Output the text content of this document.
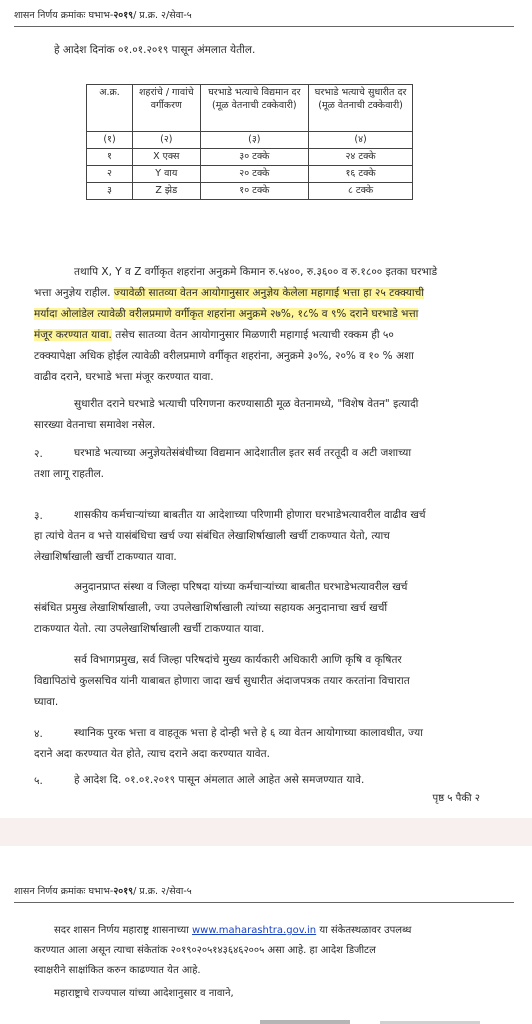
शासन निर्णय क्रमांकः घभाभ-२०१९/ प्र.क्र. २/सेवा-५
हे आदेश दिनांक ०१.०१.२०१९ पासून अंमलात येतील.
अ.क्र.	शहरांचे / गावांचे वर्गीकरण	घरभाडे भत्याचे विद्यमान दर (मूळ वेतनाची टक्केवारी)	घरभाडे भत्याचे सुधारीत दर (मूळ वेतनाची टक्केवारी)
(१)	(२)	(३)	(४)
१	X एक्स	३० टक्के	२४ टक्के
२	Y वाय	२० टक्के	१६ टक्के
३	Z झेड	१० टक्के	८ टक्के
तथापि X, Y व Z वर्गीकृत शहरांना अनुक्रमे किमान रु.५४००, रु.३६०० व रु.१८०० इतका घरभाडे
भत्ता अनुज्ञेय राहील. ज्यावेळी सातव्या वेतन आयोगानुसार अनुज्ञेय केलेला महागाई भत्ता हा २५ टक्क्याची
मर्यादा ओलांडेल त्यावेळी वरीलप्रमाणे वर्गीकृत शहरांना अनुक्रमे २७%, १८% व ९% दराने घरभाडे भत्ता
मंजूर करण्यात यावा. तसेच सातव्या वेतन आयोगानुसार मिळणारी महागाई भत्याची रक्कम ही ५०
टक्क्यापेक्षा अधिक होईल त्यावेळी वरीलप्रमाणे वर्गीकृत शहरांना, अनुक्रमे ३०%, २०% व १० % अशा
वाढीव दराने, घरभाडे भत्ता मंजूर करण्यात यावा.
सुधारीत दराने घरभाडे भत्याची परिगणना करण्यासाठी मूळ वेतनामध्ये, "विशेष वेतन" इत्यादी
सारख्या वेतनाचा समावेश नसेल.
२.	घरभाडे भत्याच्या अनुज्ञेयतेसंबंधीच्या विद्यमान आदेशातील इतर सर्व तरतूदी व अटी जशाच्या
तशा लागू राहतील.
३.	शासकीय कर्मचाऱ्यांच्या बाबतीत या आदेशाच्या परिणामी होणारा घरभाडेभत्यावरील वाढीव खर्च
हा त्यांचे वेतन व भत्ते यासंबंधिचा खर्च ज्या संबंधित लेखाशिर्षाखाली खर्ची टाकण्यात येतो, त्याच
लेखाशिर्षाखाली खर्ची टाकण्यात यावा.
अनुदानप्राप्त संस्था व जिल्हा परिषदा यांच्या कर्मचाऱ्यांच्या बाबतीत घरभाडेभत्यावरील खर्च
संबंधित प्रमुख लेखाशिर्षाखाली, ज्या उपलेखाशिर्षाखाली त्यांच्या सहायक अनुदानाचा खर्च खर्ची
टाकण्यात येतो. त्या उपलेखाशिर्षाखाली खर्ची टाकण्यात यावा.
सर्व विभागप्रमुख, सर्व जिल्हा परिषदांचे मुख्य कार्यकारी अधिकारी आणि कृषि व कृषितर
विद्यापिठांचे कुलसचिव यांनी याबाबत होणारा जादा खर्च सुधारीत अंदाजपत्रक तयार करतांना विचारात
घ्यावा.
४.	स्थानिक पुरक भत्ता व वाहतूक भत्ता हे दोन्ही भत्ते हे ६ व्या वेतन आयोगाच्या कालावधीत, ज्या
दराने अदा करण्यात येत होते, त्याच दराने अदा करण्यात यावेत.
५.	हे आदेश दि. ०१.०१.२०१९ पासून अंमलात आले आहेत असे समजण्यात यावे.
पृष्ठ ५ पैकी २
शासन निर्णय क्रमांकः घभाभ-२०१९/ प्र.क्र. २/सेवा-५
सदर शासन निर्णय महाराष्ट्र शासनाच्या www.maharashtra.gov.in या संकेतस्थळावर उपलब्ध
करण्यात आला असून त्याचा संकेतांक २०१९०२०५१४३६४६२००५ असा आहे. हा आदेश डिजीटल
स्वाक्षरीने साक्षांकित करुन काढण्यात येत आहे.
महाराष्ट्राचे राज्यपाल यांच्या आदेशानुसार व नावाने,
